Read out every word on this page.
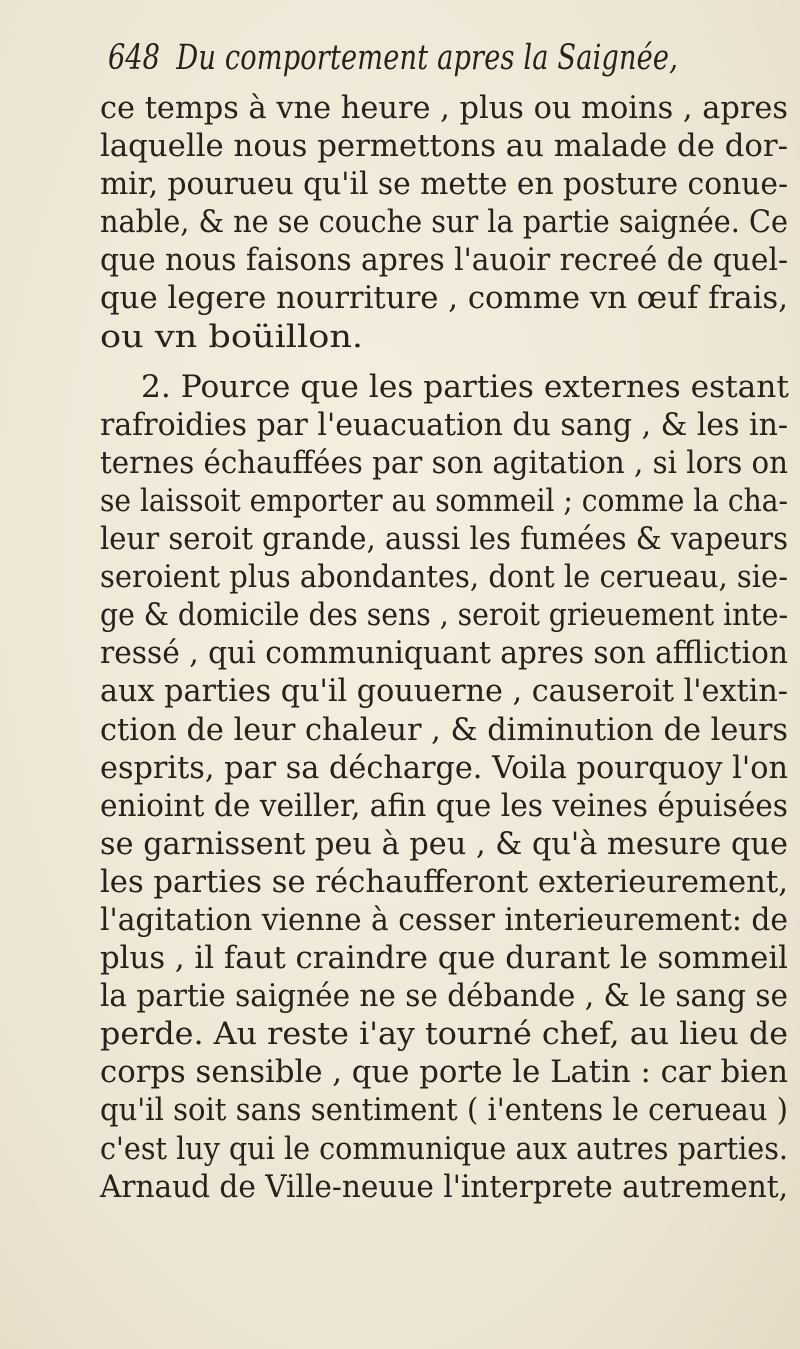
648 Du comportement apres la Saignée,
ce temps à vne heure , plus ou moins , apres
laquelle nous permettons au malade de dor-
mir, pourueu qu'il se mette en posture conue-
nable, & ne se couche sur la partie saignée. Ce
que nous faisons apres l'auoir recreé de quel-
que legere nourriture , comme vn œuf frais,
ou vn boüillon.
2. Pource que les parties externes estant
rafroidies par l'euacuation du sang , & les in-
ternes échauffées par son agitation , si lors on
se laissoit emporter au sommeil ; comme la cha-
leur seroit grande, aussi les fumées & vapeurs
seroient plus abondantes, dont le cerueau, sie-
ge & domicile des sens , seroit grieuement inte-
ressé , qui communiquant apres son affliction
aux parties qu'il gouuerne , causeroit l'extin-
ction de leur chaleur , & diminution de leurs
esprits, par sa décharge. Voila pourquoy l'on
enioint de veiller, afin que les veines épuisées
se garnissent peu à peu , & qu'à mesure que
les parties se réchaufferont exterieurement,
l'agitation vienne à cesser interieurement: de
plus , il faut craindre que durant le sommeil
la partie saignée ne se débande , & le sang se
perde. Au reste i'ay tourné chef, au lieu de
corps sensible , que porte le Latin : car bien
qu'il soit sans sentiment ( i'entens le cerueau )
c'est luy qui le communique aux autres parties.
Arnaud de Ville-neuue l'interprete autrement,
